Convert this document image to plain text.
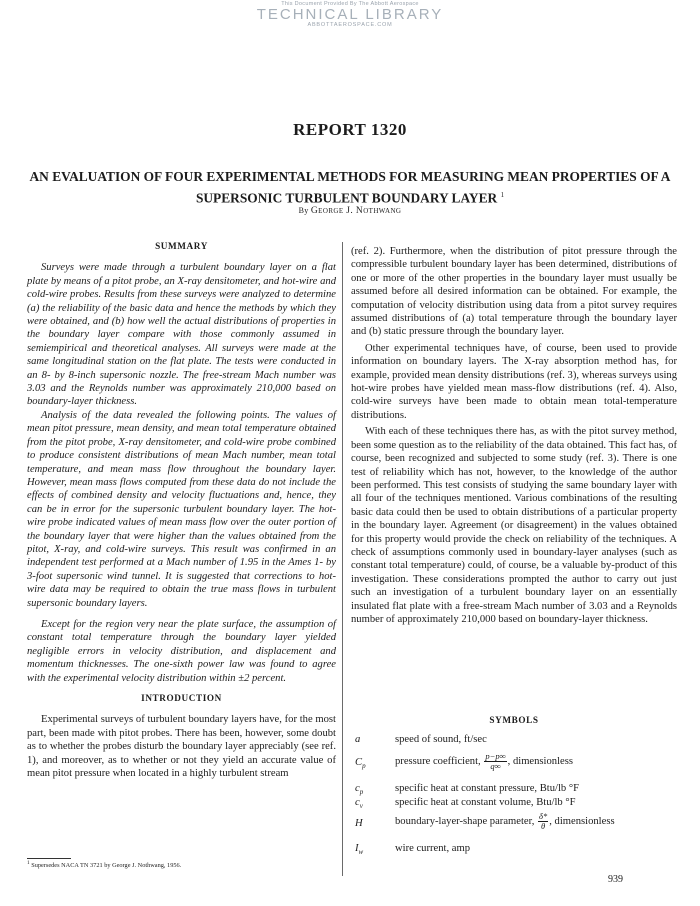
This Document Provided By The Abbott Aerospace
TECHNICAL LIBRARY
ABBOTTAEROSPACE.COM
REPORT 1320
AN EVALUATION OF FOUR EXPERIMENTAL METHODS FOR MEASURING MEAN PROPERTIES OF A SUPERSONIC TURBULENT BOUNDARY LAYER $^1$
By George J. Nothwang
SUMMARY

Surveys were made through a turbulent boundary layer on a flat plate by means of a pitot probe, an X-ray densitometer, and hot-wire and cold-wire probes. Results from these surveys were analyzed to determine (a) the reliability of the basic data and hence the methods by which they were obtained, and (b) how well the actual distributions of properties in the boundary layer compare with those commonly assumed in semiempirical and theoretical analyses. All surveys were made at the same longitudinal station on the flat plate. The tests were conducted in an 8- by 8-inch supersonic nozzle. The free-stream Mach number was 3.03 and the Reynolds number was approximately 210,000 based on boundary-layer thickness.

Analysis of the data revealed the following points. The values of mean pitot pressure, mean density, and mean total temperature obtained from the pitot probe, X-ray densitometer, and cold-wire probe combined to produce consistent distributions of mean Mach number, mean total temperature, and mean mass flow throughout the boundary layer. However, mean mass flows computed from these data do not include the effects of combined density and velocity fluctuations and, hence, they can be in error for the supersonic turbulent boundary layer. The hot-wire probe indicated values of mean mass flow over the outer portion of the boundary layer that were higher than the values obtained from the pitot, X-ray, and cold-wire surveys. This result was confirmed in an independent test performed at a Mach number of 1.95 in the Ames 1- by 3-foot supersonic wind tunnel. It is suggested that corrections to hot-wire data may be required to obtain the true mass flows in turbulent supersonic boundary layers.

Except for the region very near the plate surface, the assumption of constant total temperature through the boundary layer yielded negligible errors in velocity distribution, and displacement and momentum thicknesses. The one-sixth power law was found to agree with the experimental velocity distribution within ±2 percent.

INTRODUCTION

Experimental surveys of turbulent boundary layers have, for the most part, been made with pitot probes. There has been, however, some doubt as to whether the probes disturb the boundary layer appreciably (see ref. 1), and moreover, as to whether or not they yield an accurate value of mean pitot pressure when located in a highly turbulent stream

$^1$ Supersedes NACA TN 3721 by George J. Nothwang, 1956.

(ref. 2). Furthermore, when the distribution of pitot pressure through the compressible turbulent boundary layer has been determined, distributions of one or more of the other properties in the boundary layer must usually be assumed before all desired information can be obtained. For example, the computation of velocity distribution using data from a pitot survey requires assumed distributions of (a) total temperature through the boundary layer and (b) static pressure through the boundary layer.

Other experimental techniques have, of course, been used to provide information on boundary layers. The X-ray absorption method has, for example, provided mean density distributions (ref. 3), whereas surveys using hot-wire probes have yielded mean mass-flow distributions (ref. 4). Also, cold-wire surveys have been made to obtain mean total-temperature distributions.

With each of these techniques there has, as with the pitot survey method, been some question as to the reliability of the data obtained. This fact has, of course, been recognized and subjected to some study (ref. 3). There is one test of reliability which has not, however, to the knowledge of the author been performed. This test consists of studying the same boundary layer with all four of the techniques mentioned. Various combinations of the resulting basic data could then be used to obtain distributions of a particular property in the boundary layer. Agreement (or disagreement) in the values obtained for this property would provide the check on reliability of the techniques. A check of assumptions commonly used in boundary-layer analyses (such as constant total temperature) could, of course, be a valuable by-product of this investigation. These considerations prompted the author to carry out just such an investigation of a turbulent boundary layer on an essentially insulated flat plate with a free-stream Mach number of 3.03 and a Reynolds number of approximately 210,000 based on boundary-layer thickness.

SYMBOLS
a	speed of sound, ft/sec
$C_p$	pressure coefficient, $\frac{p-p\infty}{q\infty}$ , dimensionless
$c_p$	specific heat at constant pressure, Btu/lb °F
$c_v$	specific heat at constant volume, Btu/lb °F
H	boundary-layer-shape parameter, $\frac{\delta*}{\theta}$ , dimensionless
$I_w$	wire current, amp
939
